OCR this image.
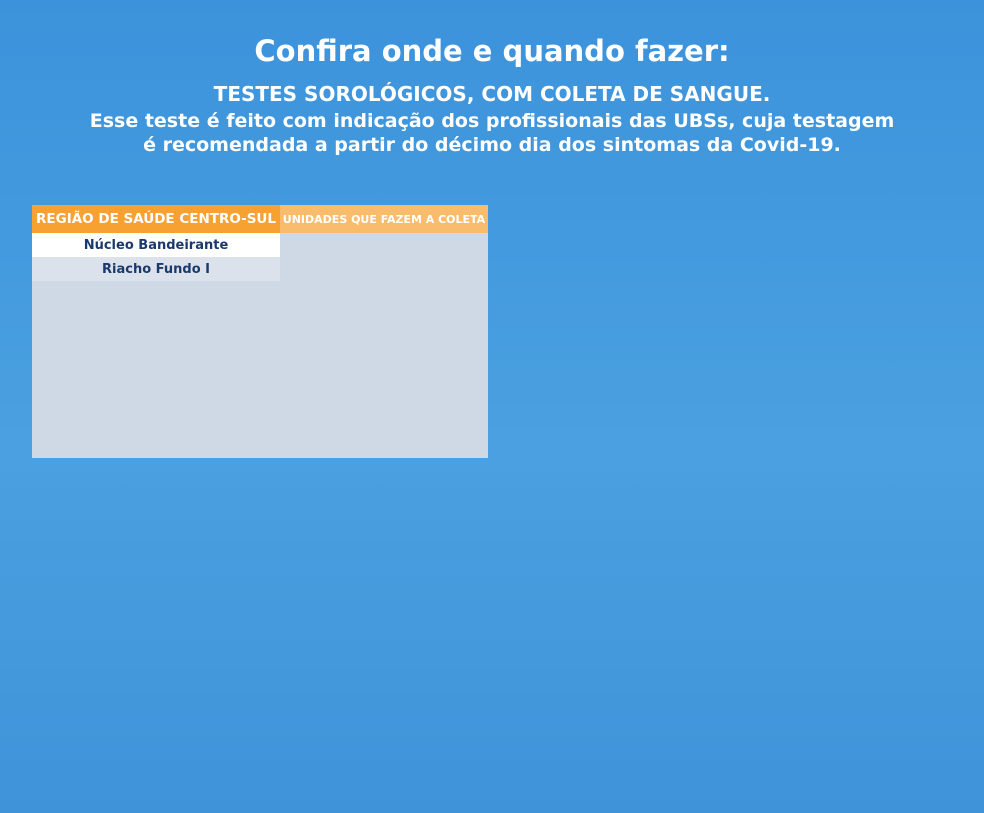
Confira onde e quando fazer:
TESTES SOROLÓGICOS, COM COLETA DE SANGUE.
Esse teste é feito com indicação dos profissionais das UBSs, cuja testagem
é recomendada a partir do décimo dia dos sintomas da Covid-19.
REGIÃO DE SAÚDE CENTRO-SUL UNIDADES QUE FAZEM A COLETA
Núcleo Bandeirante
Riacho Fundo I
